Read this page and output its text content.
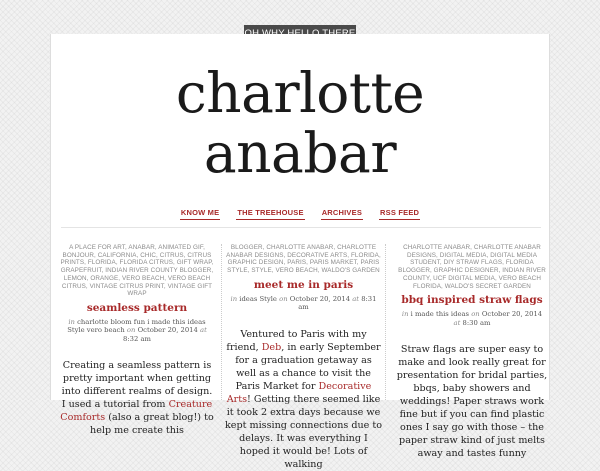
charlotte
anabar
KNOW ME THE TREEHOUSE ARCHIVES RSS FEED
A PLACE FOR ART, ANABAR, ANIMATED GIF, BONJOUR, CALIFORNIA, CHIC, CITRUS, CITRUS PRINTS, FLORIDA, FLORIDA CITRUS, GIFT WRAP, GRAPEFRUIT, INDIAN RIVER COUNTY BLOGGER, LEMON, ORANGE, VERO BEACH, VERO BEACH CITRUS, VINTAGE CITRUS PRINT, VINTAGE GIFT WRAP
seamless pattern
in charlotte bloom fun i made this ideas Style vero beach on October 20, 2014 at 8:32 am
Creating a seamless pattern is pretty important when getting into different realms of design. I used a tutorial from Creature Comforts (also a great blog!) to help me create this
BLOGGER, CHARLOTTE ANABAR, CHARLOTTE ANABAR DESIGNS, DECORATIVE ARTS, FLORIDA, GRAPHIC DESIGN, PARIS, PARIS MARKET, PARIS STYLE, STYLE, VERO BEACH, WALDO'S GARDEN
meet me in paris
in ideas Style on October 20, 2014 at 8:31 am
Ventured to Paris with my friend, Deb, in early September for a graduation getaway as well as a chance to visit the Paris Market for Decorative Arts! Getting there seemed like it took 2 extra days because we kept missing connections due to delays. It was everything I hoped it would be! Lots of walking
CHARLOTTE ANABAR, CHARLOTTE ANABAR DESIGNS, DIGITAL MEDIA, DIGITAL MEDIA STUDENT, DIY STRAW FLAGS, FLORIDA BLOGGER, GRAPHIC DESIGNER, INDIAN RIVER COUNTY, UCF DIGITAL MEDIA, VERO BEACH FLORIDA, WALDO'S SECRET GARDEN
bbq inspired straw flags
in i made this ideas on October 20, 2014 at 8:30 am
Straw flags are super easy to make and look really great for presentation for bridal parties, bbqs, baby showers and weddings! Paper straws work fine but if you can find plastic ones I say go with those – the paper straw kind of just melts away and tastes funny
